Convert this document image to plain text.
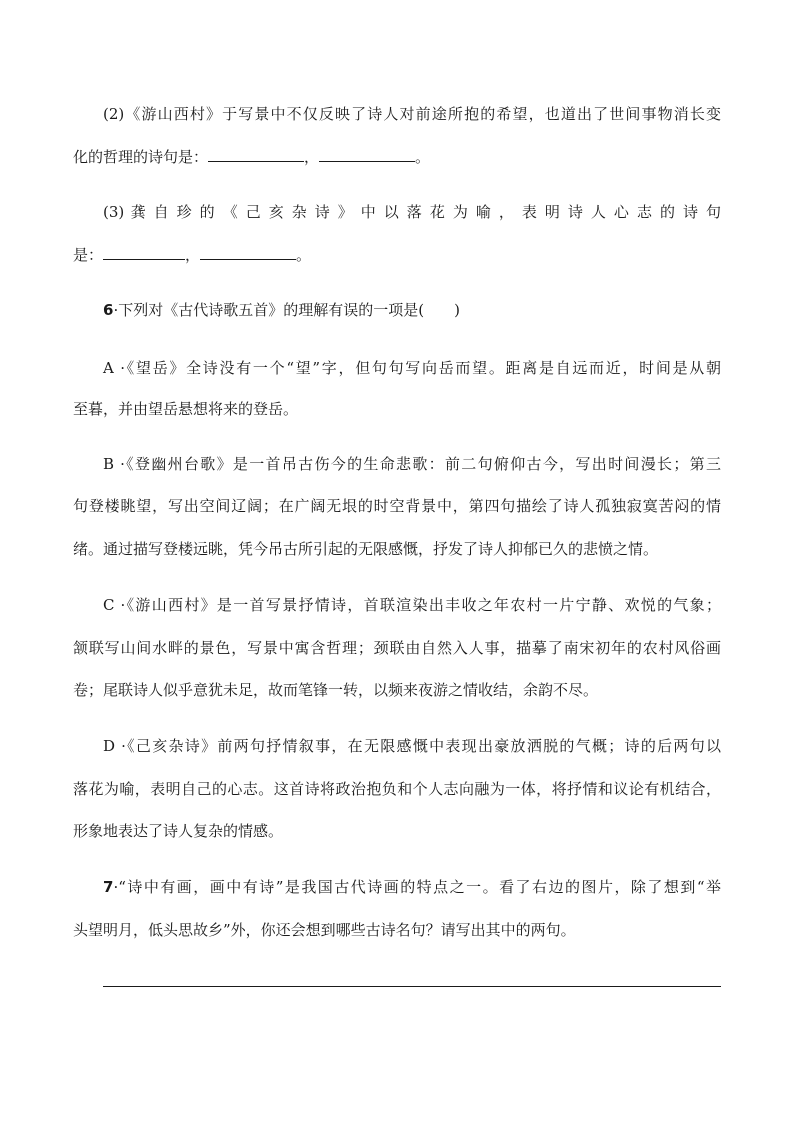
(2)《游山西村》于写景中不仅反映了诗人对前途所抱的希望，也道出了世间事物消长变
化的哲理的诗句是：	，	。
(3) 龚 自 珍 的 《 己 亥 杂 诗 》 中 以 落 花 为 喻 ， 表 明 诗 人 心 志 的 诗 句
是：	，	。
6·下列对《古代诗歌五首》的理解有误的一项是(　　)
A ·《望岳》全诗没有一个“望”字，但句句写向岳而望。距离是自远而近，时间是从朝
至暮，并由望岳悬想将来的登岳。
B ·《登幽州台歌》是一首吊古伤今的生命悲歌：前二句俯仰古今，写出时间漫长；第三
句登楼眺望，写出空间辽阔；在广阔无垠的时空背景中，第四句描绘了诗人孤独寂寞苦闷的情
绪。通过描写登楼远眺，凭今吊古所引起的无限感慨，抒发了诗人抑郁已久的悲愤之情。
C ·《游山西村》是一首写景抒情诗，首联渲染出丰收之年农村一片宁静、欢悦的气象；
颔联写山间水畔的景色，写景中寓含哲理；颈联由自然入人事，描摹了南宋初年的农村风俗画
卷；尾联诗人似乎意犹未足，故而笔锋一转，以频来夜游之情收结，余韵不尽。
D ·《己亥杂诗》前两句抒情叙事，在无限感慨中表现出豪放洒脱的气概；诗的后两句以
落花为喻，表明自己的心志。这首诗将政治抱负和个人志向融为一体，将抒情和议论有机结合，
形象地表达了诗人复杂的情感。
7·“诗中有画，画中有诗”是我国古代诗画的特点之一。看了右边的图片，除了想到“举
头望明月，低头思故乡”外，你还会想到哪些古诗名句？请写出其中的两句。
